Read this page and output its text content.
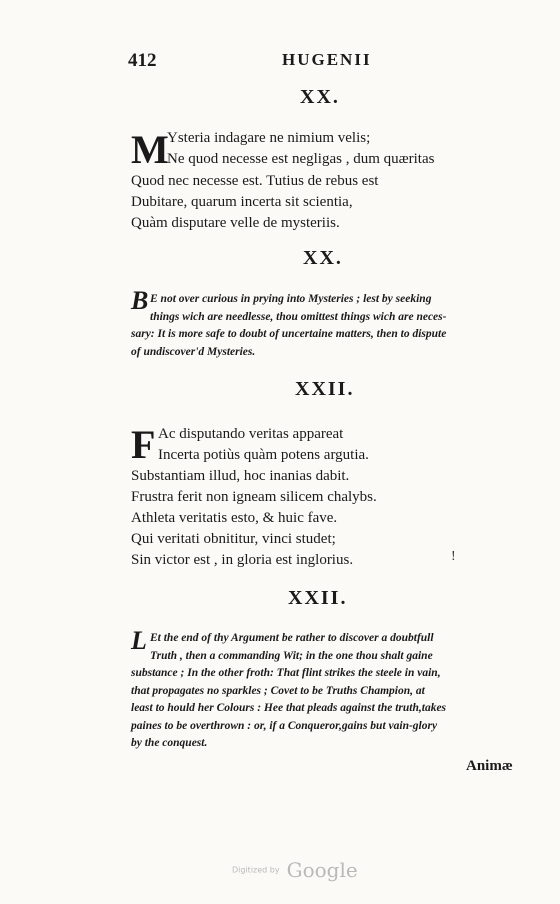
412	HUGENII
XX.
M
Ysteria indagare ne nimium velis;
Ne quod necesse est negligas , dum quæritas
Quod nec necesse est. Tutius de rebus est
Dubitare, quarum incerta sit scientia,
Quàm disputare velle de mysteriis.
XX.
B E not over curious in prying into Mysteries ; lest by seeking
things wich are needlesse, thou omittest things wich are neces-
sary: It is more safe to doubt of uncertaine matters, then to dispute
of undiscover'd Mysteries.
XXII.
F Ac disputando veritas appareat
Incerta potiùs quàm potens argutia.
Substantiam illud, hoc inanias dabit.
Frustra ferit non igneam silicem chalybs.
Athleta veritatis esto, & huic fave.
Qui veritati obnititur, vinci studet;
Sin victor est , in gloria est inglorius.	!
XXII.
L Et the end of thy Argument be rather to discover a doubtfull
Truth , then a commanding Wit; in the one thou shalt gaine
substance ; In the other froth: That flint strikes the steele in vain,
that propagates no sparkles ; Covet to be Truths Champion, at
least to hould her Colours : Hee that pleads against the truth,takes
paines to be overthrown : or, if a Conqueror,gains but vain-glory
by the conquest.
Animæ
Digitized by Google
